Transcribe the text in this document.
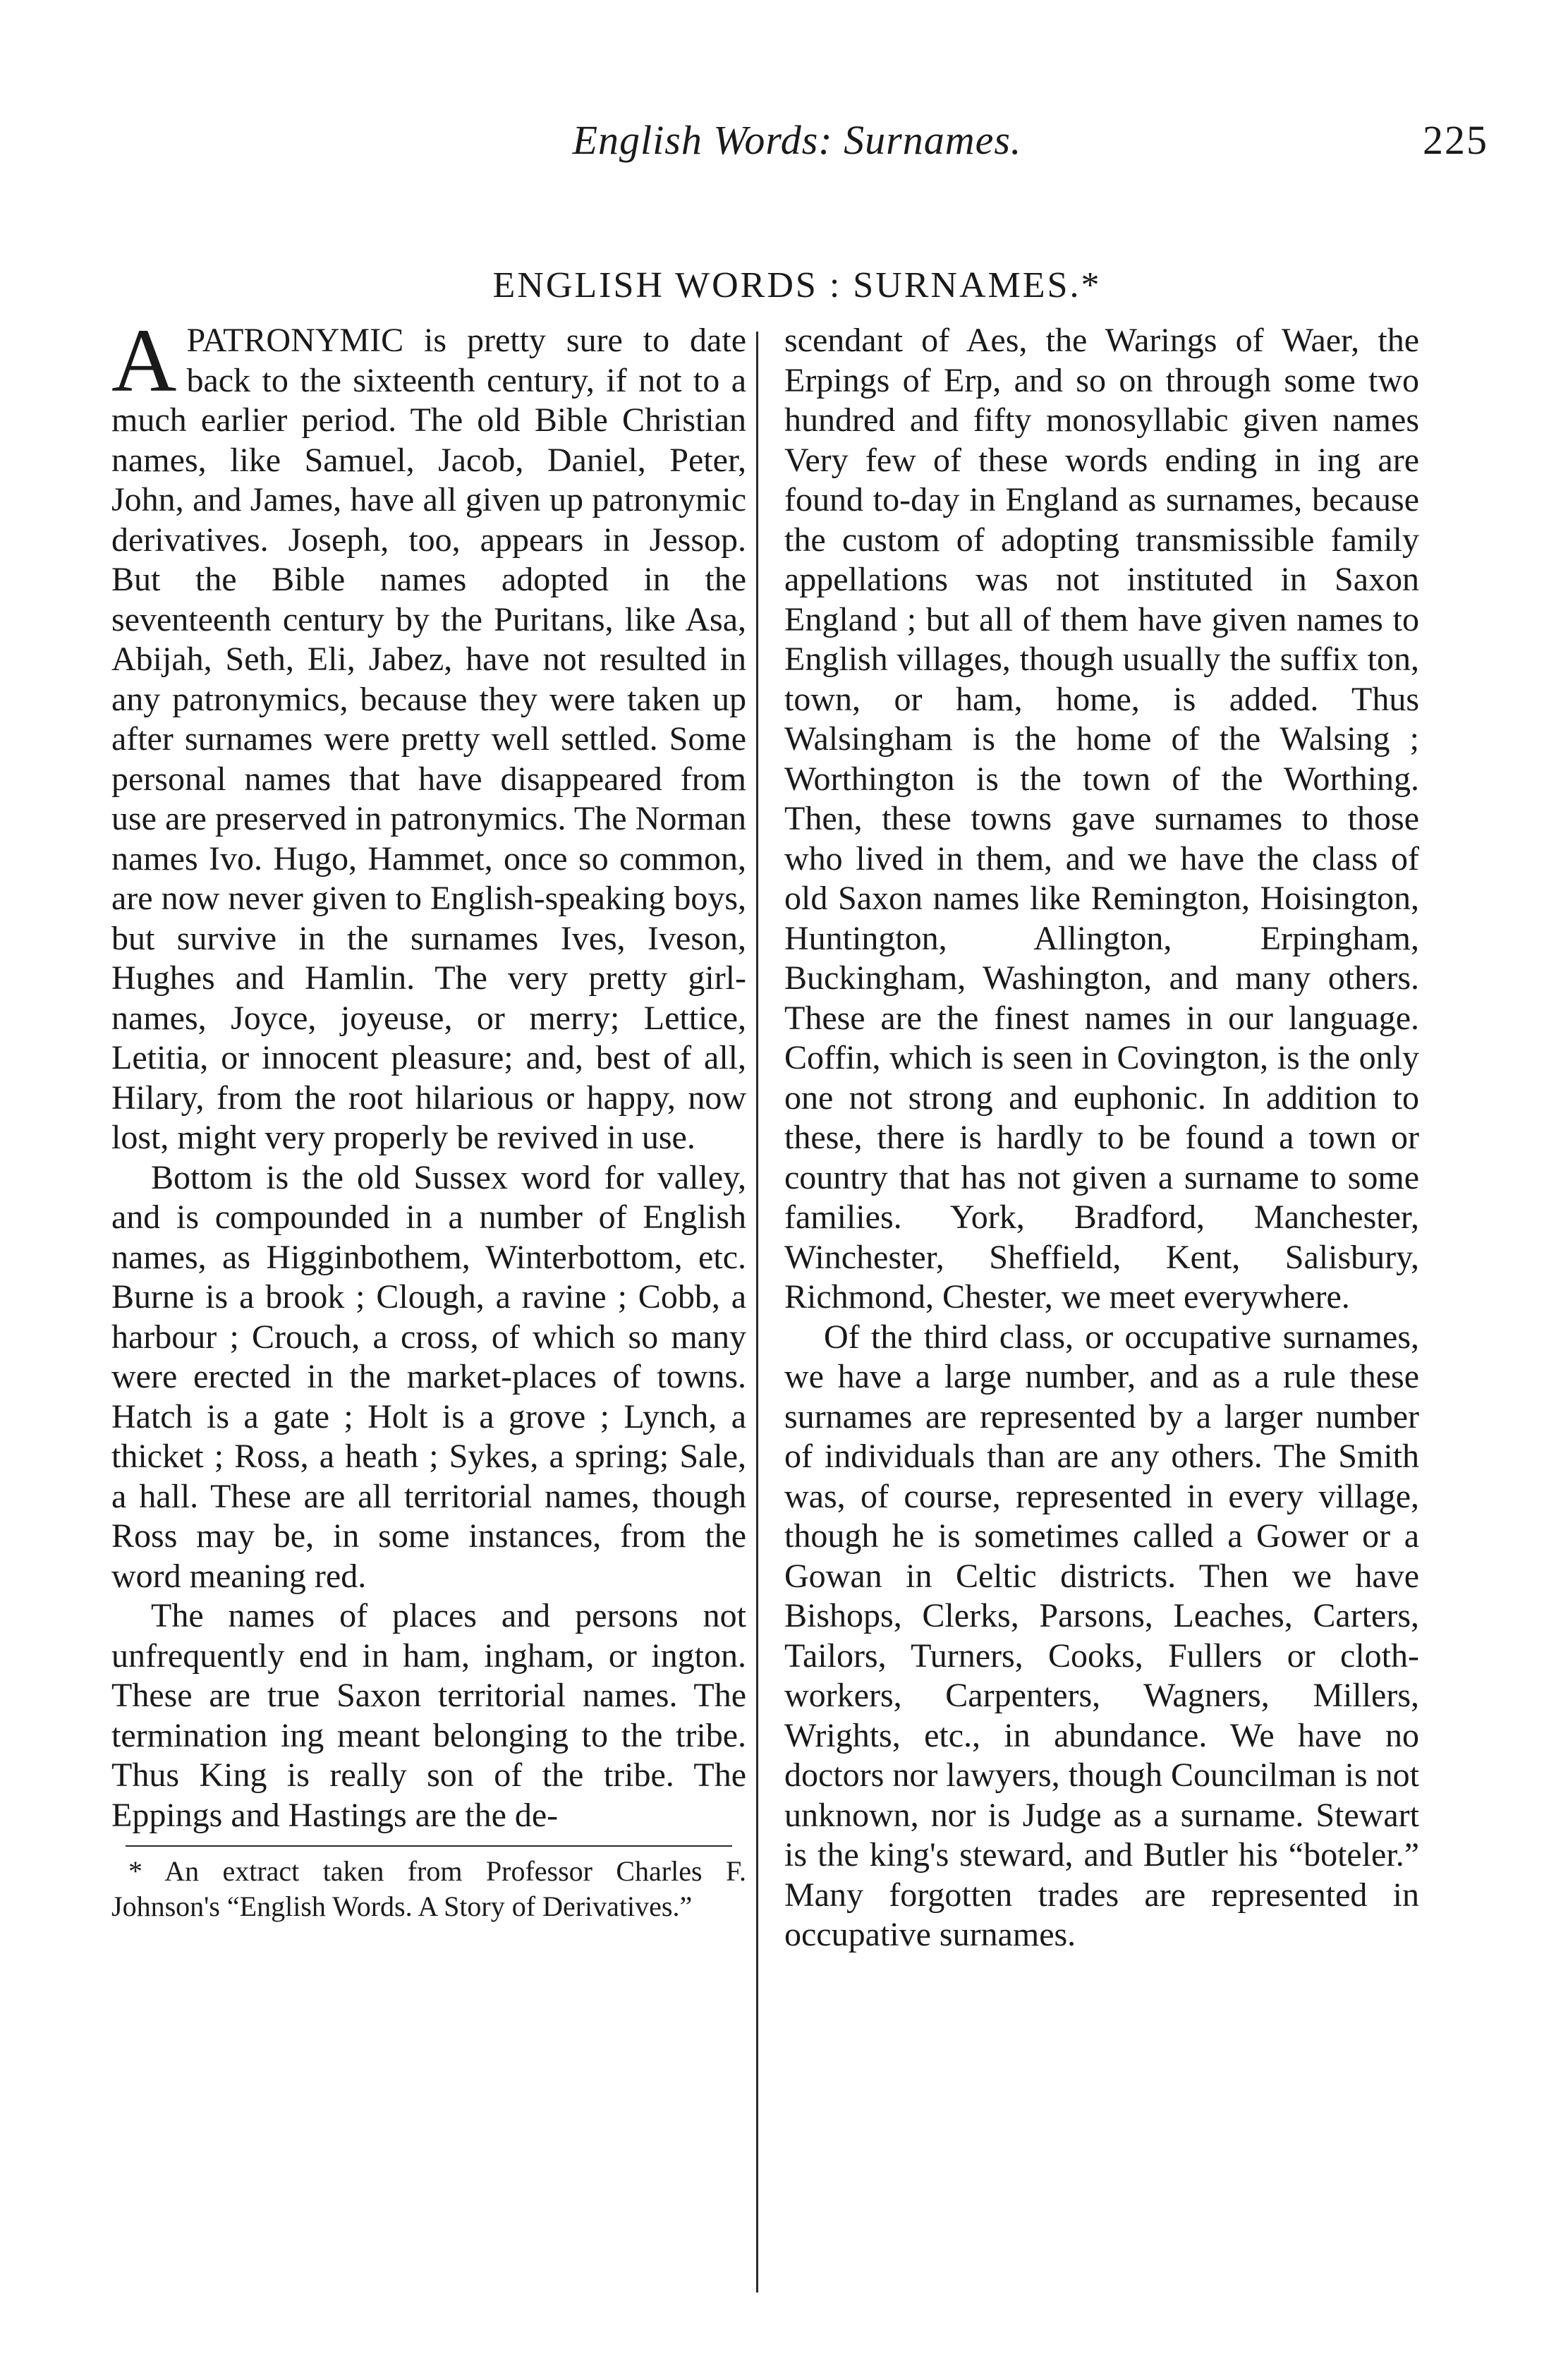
English Words: Surnames.	225
ENGLISH WORDS : SURNAMES.*

A PATRONYMIC is pretty sure to date back to the sixteenth century, if not to a much earlier period. The old Bible Christian names, like Samuel, Jacob, Daniel, Peter, John, and James, have all given up patronymic derivatives. Joseph, too, appears in Jessop. But the Bible names adopted in the seventeenth century by the Puritans, like Asa, Abijah, Seth, Eli, Jabez, have not resulted in any patronymics, because they were taken up after surnames were pretty well settled. Some personal names that have disappeared from use are preserved in patronymics. The Norman names Ivo. Hugo, Hammet, once so common, are now never given to English-speaking boys, but survive in the surnames Ives, Iveson, Hughes and Hamlin. The very pretty girl-names, Joyce, joyeuse, or merry; Lettice, Letitia, or innocent pleasure; and, best of all, Hilary, from the root hilarious or happy, now lost, might very properly be revived in use.

Bottom is the old Sussex word for valley, and is compounded in a number of English names, as Higginbothem, Winterbottom, etc. Burne is a brook ; Clough, a ravine ; Cobb, a harbour ; Crouch, a cross, of which so many were erected in the market-places of towns. Hatch is a gate ; Holt is a grove ; Lynch, a thicket ; Ross, a heath ; Sykes, a spring; Sale, a hall. These are all territorial names, though Ross may be, in some instances, from the word meaning red.

The names of places and persons not unfrequently end in ham, ingham, or ington. These are true Saxon territorial names. The termination ing meant belonging to the tribe. Thus King is really son of the tribe. The Eppings and Hastings are the de-

* An extract taken from Professor Charles F. Johnson's “English Words. A Story of Derivatives.”

scendant of Aes, the Warings of Waer, the Erpings of Erp, and so on through some two hundred and fifty monosyllabic given names Very few of these words ending in ing are found to-day in England as surnames, because the custom of adopting transmissible family appellations was not instituted in Saxon England ; but all of them have given names to English villages, though usually the suffix ton, town, or ham, home, is added. Thus Walsingham is the home of the Walsing ; Worthington is the town of the Worthing. Then, these towns gave surnames to those who lived in them, and we have the class of old Saxon names like Remington, Hoisington, Huntington, Allington, Erpingham, Buckingham, Washington, and many others. These are the finest names in our language. Coffin, which is seen in Covington, is the only one not strong and euphonic. In addition to these, there is hardly to be found a town or country that has not given a surname to some families. York, Bradford, Manchester, Winchester, Sheffield, Kent, Salisbury, Richmond, Chester, we meet everywhere.

Of the third class, or occupative surnames, we have a large number, and as a rule these surnames are represented by a larger number of individuals than are any others. The Smith was, of course, represented in every village, though he is sometimes called a Gower or a Gowan in Celtic districts. Then we have Bishops, Clerks, Parsons, Leaches, Carters, Tailors, Turners, Cooks, Fullers or cloth-workers, Carpenters, Wagners, Millers, Wrights, etc., in abundance. We have no doctors nor lawyers, though Councilman is not unknown, nor is Judge as a surname. Stewart is the king's steward, and Butler his “boteler.” Many forgotten trades are represented in occupative surnames.
